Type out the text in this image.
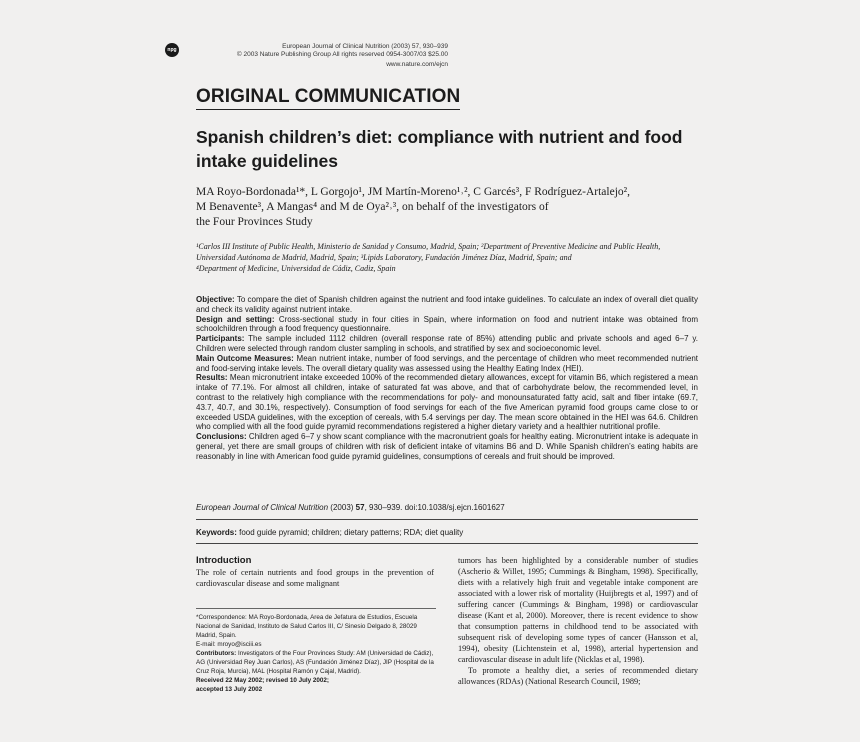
npg	European Journal of Clinical Nutrition (2003) 57, 930–939
© 2003 Nature Publishing Group All rights reserved 0954-3007/03 $25.00
www.nature.com/ejcn
ORIGINAL COMMUNICATION
Spanish children’s diet: compliance with nutrient and food intake guidelines
MA Royo-Bordonada¹*, L Gorgojo¹, JM Martín-Moreno¹˒², C Garcés³, F Rodríguez-Artalejo²,
M Benavente³, A Mangas⁴ and M de Oya²˒³, on behalf of the investigators of
the Four Provinces Study
¹Carlos III Institute of Public Health, Ministerio de Sanidad y Consumo, Madrid, Spain; ²Department of Preventive Medicine and Public Health, Universidad Autónoma de Madrid, Madrid, Spain; ³Lipids Laboratory, Fundación Jiménez Díaz, Madrid, Spain; and
⁴Department of Medicine, Universidad de Cádiz, Cadiz, Spain

Objective: To compare the diet of Spanish children against the nutrient and food intake guidelines. To calculate an index of overall diet quality and check its validity against nutrient intake.

Design and setting: Cross-sectional study in four cities in Spain, where information on food and nutrient intake was obtained from schoolchildren through a food frequency questionnaire.

Participants: The sample included 1112 children (overall response rate of 85%) attending public and private schools and aged 6–7 y. Children were selected through random cluster sampling in schools, and stratified by sex and socioeconomic level.

Main Outcome Measures: Mean nutrient intake, number of food servings, and the percentage of children who meet recommended nutrient and food-serving intake levels. The overall dietary quality was assessed using the Healthy Eating Index (HEI).

Results: Mean micronutrient intake exceeded 100% of the recommended dietary allowances, except for vitamin B6, which registered a mean intake of 77.1%. For almost all children, intake of saturated fat was above, and that of carbohydrate below, the recommended level, in contrast to the relatively high compliance with the recommendations for poly- and monounsaturated fatty acid, salt and fiber intake (69.7, 43.7, 40.7, and 30.1%, respectively). Consumption of food servings for each of the five American pyramid food groups came close to or exceeded USDA guidelines, with the exception of cereals, with 5.4 servings per day. The mean score obtained in the HEI was 64.6. Children who complied with all the food guide pyramid recommendations registered a higher dietary variety and a healthier nutritional profile.

Conclusions: Children aged 6–7 y show scant compliance with the macronutrient goals for healthy eating. Micronutrient intake is adequate in general, yet there are small groups of children with risk of deficient intake of vitamins B6 and D. While Spanish children’s eating habits are reasonably in line with American food guide pyramid guidelines, consumptions of cereals and fruit should be improved.

European Journal of Clinical Nutrition (2003) 57, 930–939. doi:10.1038/sj.ejcn.1601627
Keywords: food guide pyramid; children; dietary patterns; RDA; diet quality

Introduction

The role of certain nutrients and food groups in the prevention of cardiovascular disease and some malignant

*Correspondence: MA Royo-Bordonada, Area de Jefatura de Estudios, Escuela Nacional de Sanidad, Instituto de Salud Carlos III, C/ Sinesio Delgado 8, 28029 Madrid, Spain.
E-mail: mroyo@isciii.es
Contributors: Investigators of the Four Provinces Study: AM (Universidad de Cádiz), AG (Universidad Rey Juan Carlos), AS (Fundación Jiménez Díaz), JIP (Hospital de la Cruz Roja, Murcia), MAL (Hospital Ramón y Cajal, Madrid).
Received 22 May 2002; revised 10 July 2002;
accepted 13 July 2002

tumors has been highlighted by a considerable number of studies (Ascherio & Willet, 1995; Cummings & Bingham, 1998). Specifically, diets with a relatively high fruit and vegetable intake component are associated with a lower risk of mortality (Huijbregts et al, 1997) and of suffering cancer (Cummings & Bingham, 1998) or cardiovascular disease (Kant et al, 2000). Moreover, there is recent evidence to show that consumption patterns in childhood tend to be associated with subsequent risk of developing some types of cancer (Hansson et al, 1994), obesity (Lichtenstein et al, 1998), arterial hypertension and cardiovascular disease in adult life (Nicklas et al, 1998).

To promote a healthy diet, a series of recommended dietary allowances (RDAs) (National Research Council, 1989;
